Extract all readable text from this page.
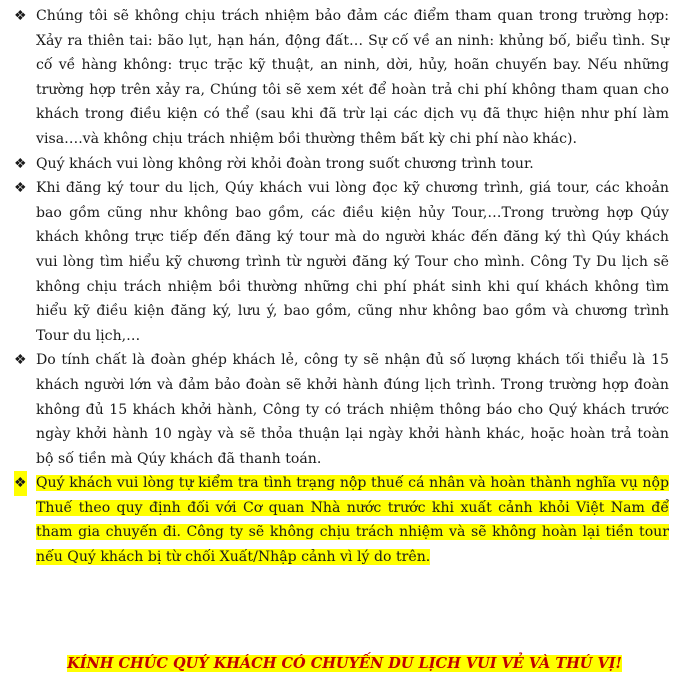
❖ Chúng tôi sẽ không chịu trách nhiệm bảo đảm các điểm tham quan trong trường hợp: Xảy ra thiên tai: bão lụt, hạn hán, động đất… Sự cố về an ninh: khủng bố, biểu tình. Sự cố về hàng không: trục trặc kỹ thuật, an ninh, dời, hủy, hoãn chuyến bay. Nếu những trường hợp trên xảy ra, Chúng tôi sẽ xem xét để hoàn trả chi phí không tham quan cho khách trong điều kiện có thể (sau khi đã trừ lại các dịch vụ đã thực hiện như phí làm visa….và không chịu trách nhiệm bồi thường thêm bất kỳ chi phí nào khác).

❖ Quý khách vui lòng không rời khỏi đoàn trong suốt chương trình tour.

❖ Khi đăng ký tour du lịch, Qúy khách vui lòng đọc kỹ chương trình, giá tour, các khoản bao gồm cũng như không bao gồm, các điều kiện hủy Tour,…Trong trường hợp Qúy khách không trực tiếp đến đăng ký tour mà do người khác đến đăng ký thì Qúy khách vui lòng tìm hiểu kỹ chương trình từ người đăng ký Tour cho mình. Công Ty Du lịch sẽ không chịu trách nhiệm bồi thường những chi phí phát sinh khi quí khách không tìm hiểu kỹ điều kiện đăng ký, lưu ý, bao gồm, cũng như không bao gồm và chương trình Tour du lịch,…

❖ Do tính chất là đoàn ghép khách lẻ, công ty sẽ nhận đủ số lượng khách tối thiểu là 15 khách người lớn và đảm bảo đoàn sẽ khởi hành đúng lịch trình. Trong trường hợp đoàn không đủ 15 khách khởi hành, Công ty có trách nhiệm thông báo cho Quý khách trước ngày khởi hành 10 ngày và sẽ thỏa thuận lại ngày khởi hành khác, hoặc hoàn trả toàn bộ số tiền mà Qúy khách đã thanh toán.

❖ Quý khách vui lòng tự kiểm tra tình trạng nộp thuế cá nhân và hoàn thành nghĩa vụ nộp Thuế theo quy định đối với Cơ quan Nhà nước trước khi xuất cảnh khỏi Việt Nam để tham gia chuyến đi. Công ty sẽ không chịu trách nhiệm và sẽ không hoàn lại tiền tour nếu Quý khách bị từ chối Xuất/Nhập cảnh vì lý do trên.

KÍNH CHÚC QUÝ KHÁCH CÓ CHUYẾN DU LỊCH VUI VẺ VÀ THÚ VỊ!
